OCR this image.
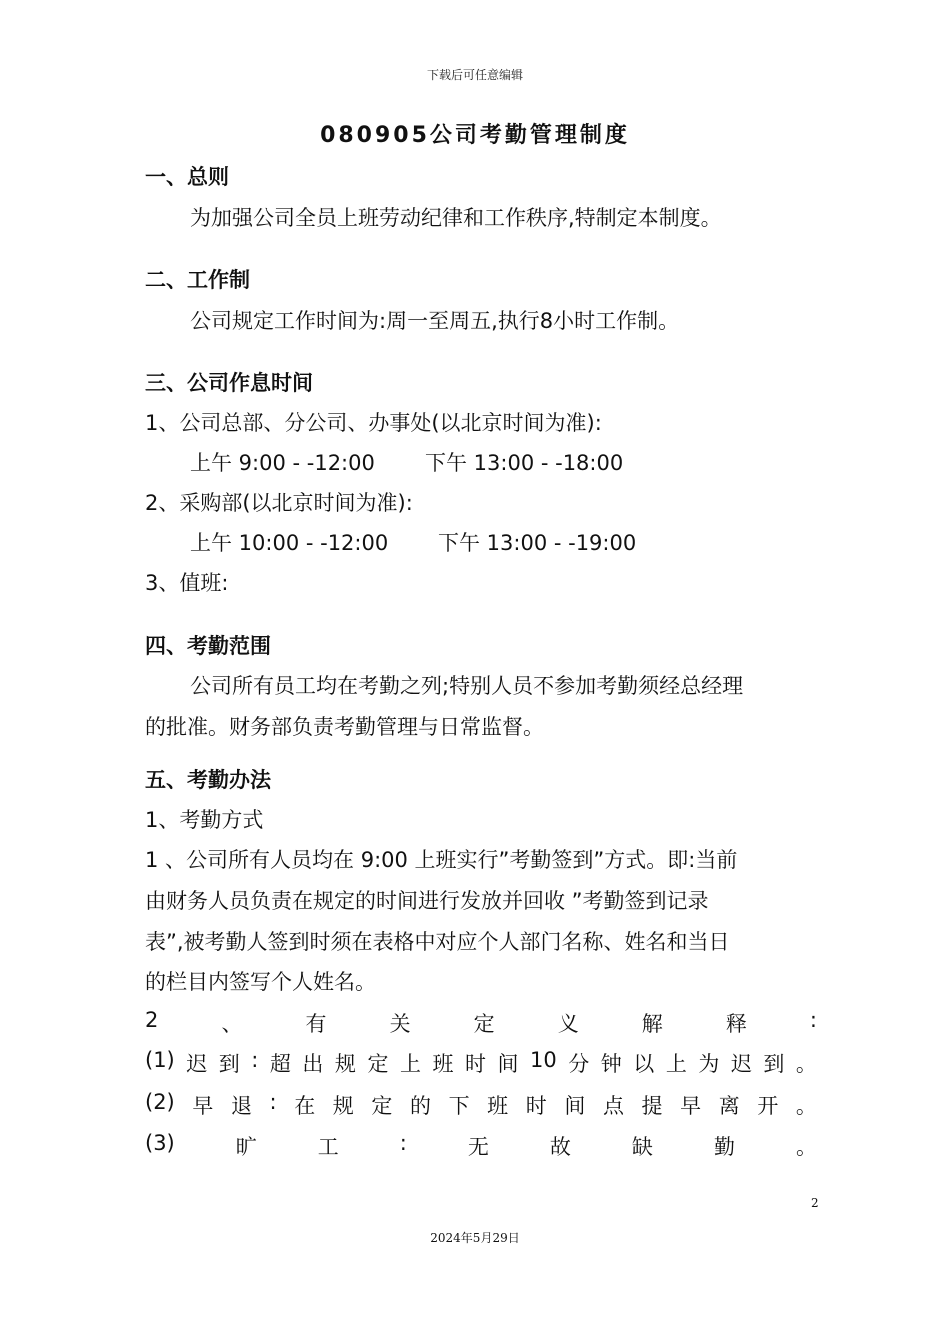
下载后可任意编辑
080905公司考勤管理制度
一、总则
为加强公司全员上班劳动纪律和工作秩序,特制定本制度。
二、工作制
公司规定工作时间为:周一至周五,执行8小时工作制。
三、公司作息时间
1、公司总部、分公司、办事处(以北京时间为准):
上午 9:00 - -12:00 下午 13:00 - -18:00
2、采购部(以北京时间为准):
上午 10:00 - -12:00 下午 13:00 - -19:00
3、值班:
四、考勤范围
公司所有员工均在考勤之列;特别人员不参加考勤须经总经理
的批准。财务部负责考勤管理与日常监督。
五、考勤办法
1、考勤方式
1 、公司所有人员均在 9:00 上班实行”考勤签到”方式。即:当前
由财务人员负责在规定的时间进行发放并回收 ”考勤签到记录
表”,被考勤人签到时须在表格中对应个人部门名称、姓名和当日
的栏目内签写个人姓名。
2	、	有	关	定	义	解	释	:
(1) 迟 到 : 超 出 规 定 上 班 时 间 10 分 钟 以 上 为 迟 到 。
(2) 早 退 : 在 规 定 的 下 班 时 间 点 提 早 离 开 。
(3)	旷	工	:	无	故	缺	勤	。
2
2024年5月29日
